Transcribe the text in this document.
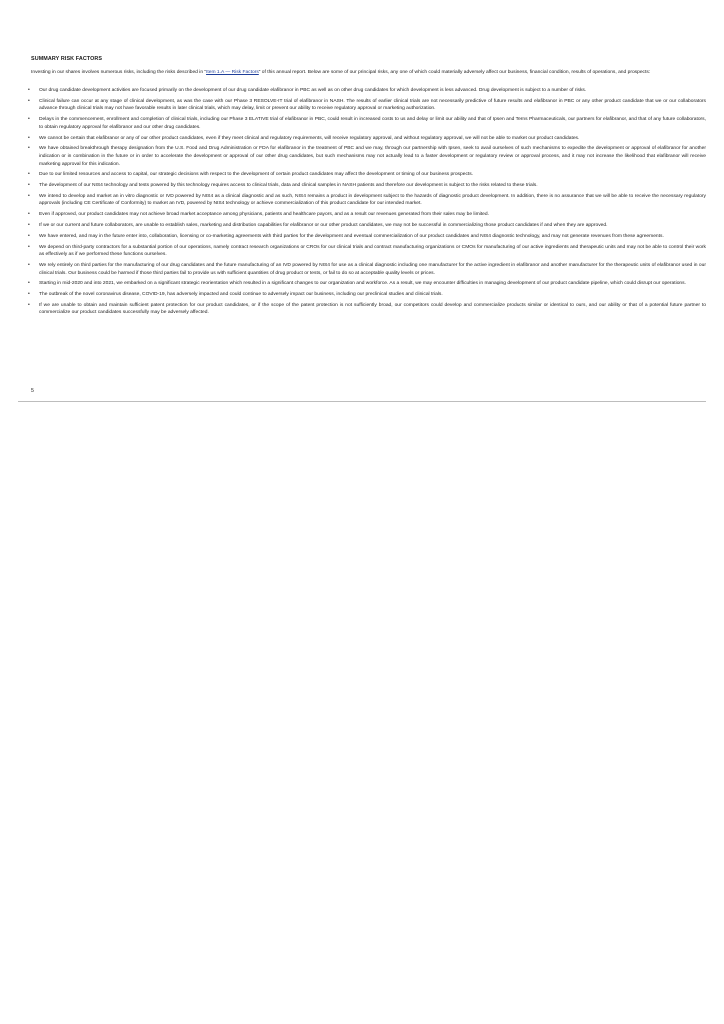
SUMMARY RISK FACTORS

Investing in our shares involves numerous risks, including the risks described in “Item 1.A — Risk Factors” of this annual report. Below are some of our principal risks, any one of which could materially adversely affect our business, financial condition, results of operations, and prospects:

• Our drug candidate development activities are focused primarily on the development of our drug candidate elafibranor in PBC as well as on other drug candidates for which development is less advanced. Drug development is subject to a number of risks.
• Clinical failure can occur at any stage of clinical development, as was the case with our Phase 3 RESOLVE-IT trial of elafibranor in NASH. The results of earlier clinical trials are not necessarily predictive of future results and elafibranor in PBC or any other product candidate that we or our collaborators advance through clinical trials may not have favorable results in later clinical trials, which may delay, limit or prevent our ability to receive regulatory approval or marketing authorization.
• Delays in the commencement, enrollment and completion of clinical trials, including our Phase 3 ELATIVE trial of elafibranor in PBC, could result in increased costs to us and delay or limit our ability and that of Ipsen and Terns Pharmaceuticals, our partners for elafibranor, and that of any future collaborators, to obtain regulatory approval for elafibranor and our other drug candidates.
• We cannot be certain that elafibranor or any of our other product candidates, even if they meet clinical and regulatory requirements, will receive regulatory approval, and without regulatory approval, we will not be able to market our product candidates.
• We have obtained breakthrough therapy designation from the U.S. Food and Drug Administration or FDA for elafibranor in the treatment of PBC and we may, through our partnership with Ipsen, seek to avail ourselves of such mechanisms to expedite the development or approval of elafibranor for another indication or in combination in the future or in order to accelerate the development or approval of our other drug candidates, but such mechanisms may not actually lead to a faster development or regulatory review or approval process, and it may not increase the likelihood that elafibranor will receive marketing approval for this indication.
• Due to our limited resources and access to capital, our strategic decisions with respect to the development of certain product candidates may affect the development or timing of our business prospects.
• The development of our NIS4 technology and tests powered by this technology requires access to clinical trials, data and clinical samples in NASH patients and therefore our development is subject to the risks related to these trials.
• We intend to develop and market an in vitro diagnostic or IVD powered by NIS4 as a clinical diagnostic and as such, NIS4 remains a product in development subject to the hazards of diagnostic product development. In addition, there is no assurance that we will be able to receive the necessary regulatory approvals (including CE Certificate of Conformity) to market an IVD, powered by NIS4 technology or achieve commercialization of this product candidate for our intended market.
• Even if approved, our product candidates may not achieve broad market acceptance among physicians, patients and healthcare payors, and as a result our revenues generated from their sales may be limited.
• If we or our current and future collaborators, are unable to establish sales, marketing and distribution capabilities for elafibranor or our other product candidates, we may not be successful in commercializing those product candidates if and when they are approved.
• We have entered, and may in the future enter into, collaboration, licensing or co-marketing agreements with third parties for the development and eventual commercialization of our product candidates and NIS4 diagnostic technology, and may not generate revenues from these agreements.
• We depend on third-party contractors for a substantial portion of our operations, namely contract research organizations or CROs for our clinical trials and contract manufacturing organizations or CMOs for manufacturing of our active ingredients and therapeutic units and may not be able to control their work as effectively as if we performed these functions ourselves.
• We rely entirely on third parties for the manufacturing of our drug candidates and the future manufacturing of an IVD powered by NIS4 for use as a clinical diagnostic including one manufacturer for the active ingredient in elafibranor and another manufacturer for the therapeutic units of elafibranor used in our clinical trials. Our business could be harmed if those third parties fail to provide us with sufficient quantities of drug product or tests, or fail to do so at acceptable quality levels or prices.
• Starting in mid-2020 and into 2021, we embarked on a significant strategic reorientation which resulted in a significant changes to our organization and workforce. As a result, we may encounter difficulties in managing development of our product candidate pipeline, which could disrupt our operations.
• The outbreak of the novel coronavirus disease, COVID-19, has adversely impacted and could continue to adversely impact our business, including our preclinical studies and clinical trials.
• If we are unable to obtain and maintain sufficient patent protection for our product candidates, or if the scope of the patent protection is not sufficiently broad, our competitors could develop and commercialize products similar or identical to ours, and our ability or that of a potential future partner to commercialize our product candidates successfully may be adversely affected.
5
